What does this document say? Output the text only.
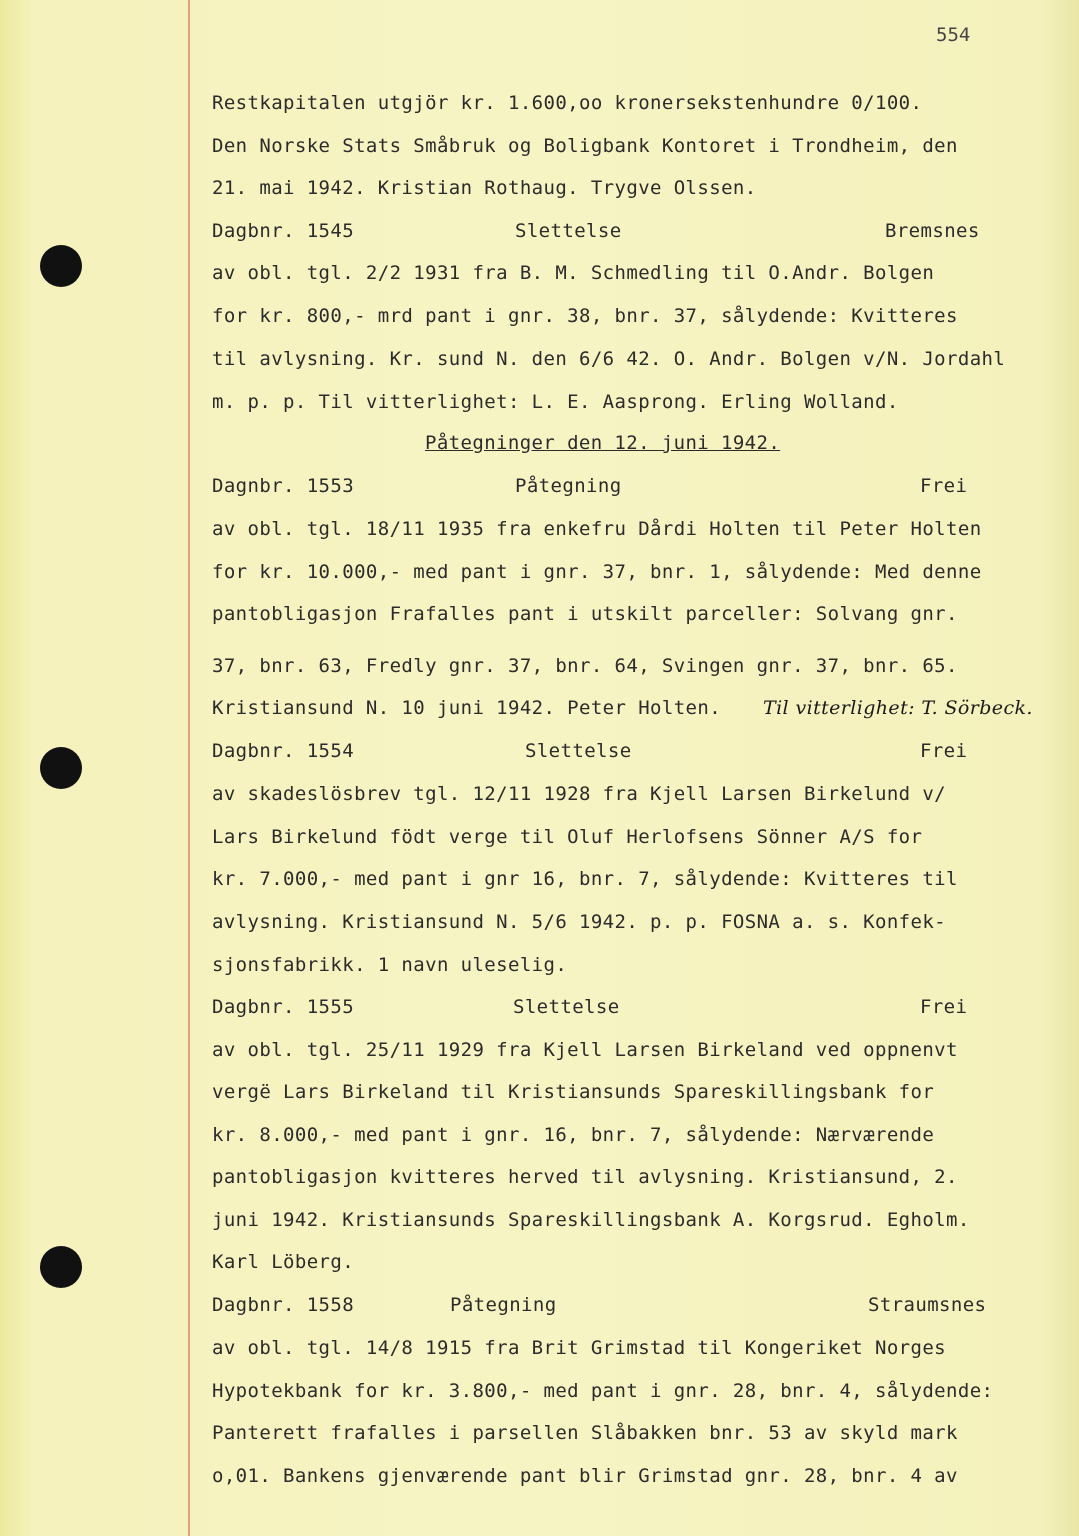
554
Restkapitalen utgjör kr. 1.600,oo kronersekstenhundre 0/100.
Den Norske Stats Småbruk og Boligbank Kontoret i Trondheim, den
21. mai 1942. Kristian Rothaug. Trygve Olssen.
Dagbnr. 1545	Slettelse	Bremsnes
av obl. tgl. 2/2 1931 fra B. M. Schmedling til O.Andr. Bolgen
for kr. 800,- mrd pant i gnr. 38, bnr. 37, sålydende: Kvitteres
til avlysning. Kr. sund N. den 6/6 42. O. Andr. Bolgen v/N. Jordahl
m. p. p. Til vitterlighet: L. E. Aasprong. Erling Wolland.
Påtegninger den 12. juni 1942.
Dagnbr. 1553	Påtegning	Frei
av obl. tgl. 18/11 1935 fra enkefru Dårdi Holten til Peter Holten
for kr. 10.000,- med pant i gnr. 37, bnr. 1, sålydende: Med denne
pantobligasjon Frafalles pant i utskilt parceller: Solvang gnr.
37, bnr. 63, Fredly gnr. 37, bnr. 64, Svingen gnr. 37, bnr. 65.
Kristiansund N. 10 juni 1942. Peter Holten. Til vitterlighet: T. Sörbeck.
Dagbnr. 1554	Slettelse	Frei
av skadeslösbrev tgl. 12/11 1928 fra Kjell Larsen Birkelund v/
Lars Birkelund födt verge til Oluf Herlofsens Sönner A/S for
kr. 7.000,- med pant i gnr 16, bnr. 7, sålydende: Kvitteres til
avlysning. Kristiansund N. 5/6 1942. p. p. FOSNA a. s. Konfek-
sjonsfabrikk. 1 navn uleselig.
Dagbnr. 1555	Slettelse	Frei
av obl. tgl. 25/11 1929 fra Kjell Larsen Birkeland ved oppnenvt
vergë Lars Birkeland til Kristiansunds Spareskillingsbank for
kr. 8.000,- med pant i gnr. 16, bnr. 7, sålydende: Nærværende
pantobligasjon kvitteres herved til avlysning. Kristiansund, 2.
juni 1942. Kristiansunds Spareskillingsbank A. Korgsrud. Egholm.
Karl Löberg.
Dagbnr. 1558	Påtegning	Straumsnes
av obl. tgl. 14/8 1915 fra Brit Grimstad til Kongeriket Norges
Hypotekbank for kr. 3.800,- med pant i gnr. 28, bnr. 4, sålydende:
Panterett frafalles i parsellen Slåbakken bnr. 53 av skyld mark
o,01. Bankens gjenværende pant blir Grimstad gnr. 28, bnr. 4 av
